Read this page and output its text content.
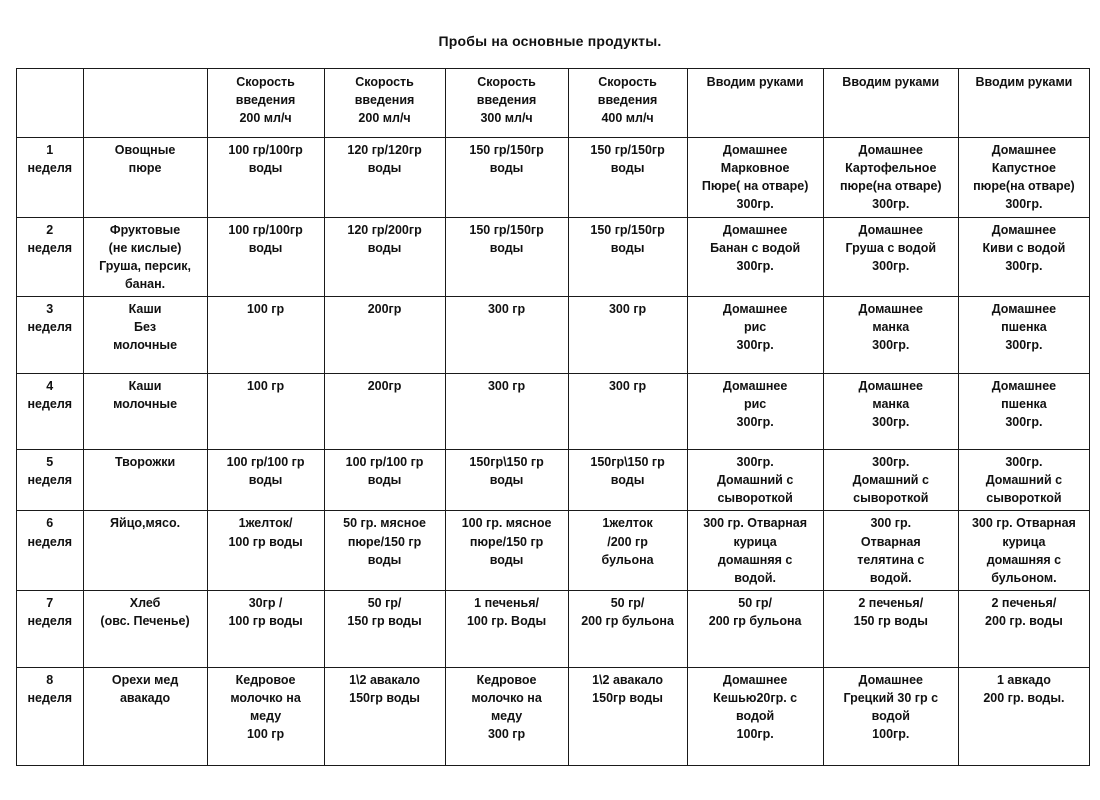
Пробы на основные продукты.
		Скорость
введения
200 мл/ч	Скорость
введения
200 мл/ч	Скорость
введения
300 мл/ч	Скорость
введения
400 мл/ч	Вводим руками	Вводим руками	Вводим руками
1
неделя	Овощные
пюре	100 гр/100гр
воды	120 гр/120гр
воды	150 гр/150гр
воды	150 гр/150гр
воды	Домашнее
Марковное
Пюре( на отваре)
300гр.	Домашнее
Картофельное
пюре(на отваре)
300гр.	Домашнее
Капустное
пюре(на отваре)
300гр.
2
неделя	Фруктовые
(не кислые)
Груша, персик,
банан.	100 гр/100гр
воды	120 гр/200гр
воды	150 гр/150гр
воды	150 гр/150гр
воды	Домашнее
Банан с водой
300гр.	Домашнее
Груша с водой
300гр.	Домашнее
Киви с водой
300гр.
3
неделя	Каши
Без
молочные	100 гр	200гр	300 гр	300 гр	Домашнее
рис
300гр.	Домашнее
манка
300гр.	Домашнее
пшенка
300гр.
4
неделя	Каши
молочные	100 гр	200гр	300 гр	300 гр	Домашнее
рис
300гр.	Домашнее
манка
300гр.	Домашнее
пшенка
300гр.
5
неделя	Творожки	100 гр/100 гр
воды	100 гр/100 гр
воды	150гр\150 гр
воды	150гр\150 гр
воды	300гр.
Домашний с
сывороткой	300гр.
Домашний с
сывороткой	300гр.
Домашний с
сывороткой
6
неделя	Яйцо,мясо.	1желток/
100 гр воды	50 гр. мясное
пюре/150 гр
воды	100 гр. мясное
пюре/150 гр
воды	1желток
/200 гр
бульона	300 гр. Отварная
курица
домашняя с
водой.	300 гр.
Отварная
телятина с
водой.	300 гр. Отварная
курица
домашняя с
бульоном.
7
неделя	Хлеб
(овс. Печенье)	30гр /
100 гр воды	50 гр/
150 гр воды	1 печенья/
100 гр. Воды	50 гр/
200 гр бульона	50 гр/
200 гр бульона	2 печенья/
150 гр воды	2 печенья/
200 гр. воды
8
неделя	Орехи мед
авакадо	Кедровое
молочко на
меду
100 гр	1\2 авакало
150гр воды	Кедровое
молочко на
меду
300 гр	1\2 авакало
150гр воды	Домашнее
Кешью20гр. с
водой
100гр.	Домашнее
Грецкий 30 гр с
водой
100гр.	1 авкадо
200 гр. воды.
